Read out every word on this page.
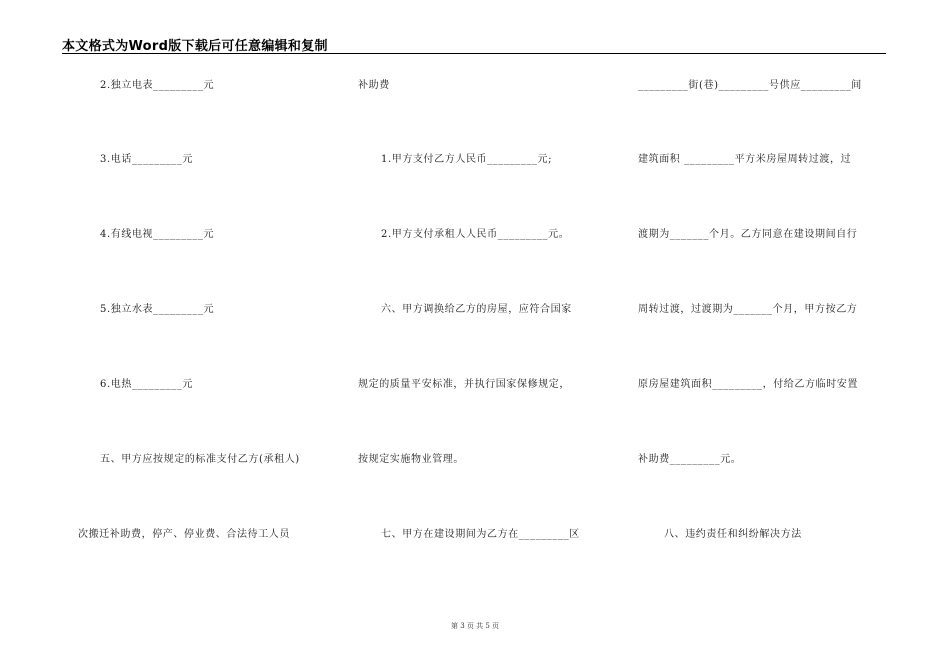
本文格式为Word版下载后可任意编辑和复制
2.独立电表_________元
3.电话_________元
4.有线电视_________元
5.独立水表_________元
6.电热_________元
五、甲方应按规定的标准支付乙方(承租人)
次搬迁补助费，停产、停业费、合法待工人员
补助费
1.甲方支付乙方人民币_________元;
2.甲方支付承租人人民币_________元。
六、甲方调换给乙方的房屋，应符合国家
规定的质量平安标准，并执行国家保修规定，
按规定实施物业管理。
七、甲方在建设期间为乙方在_________区
_________街(巷)_________号供应_________间
建筑面积 _________平方米房屋周转过渡，过
渡期为_______个月。乙方同意在建设期间自行
周转过渡，过渡期为_______个月，甲方按乙方
原房屋建筑面积_________，付给乙方临时安置
补助费_________元。
八、违约责任和纠纷解决方法
第 3 页 共 5 页
